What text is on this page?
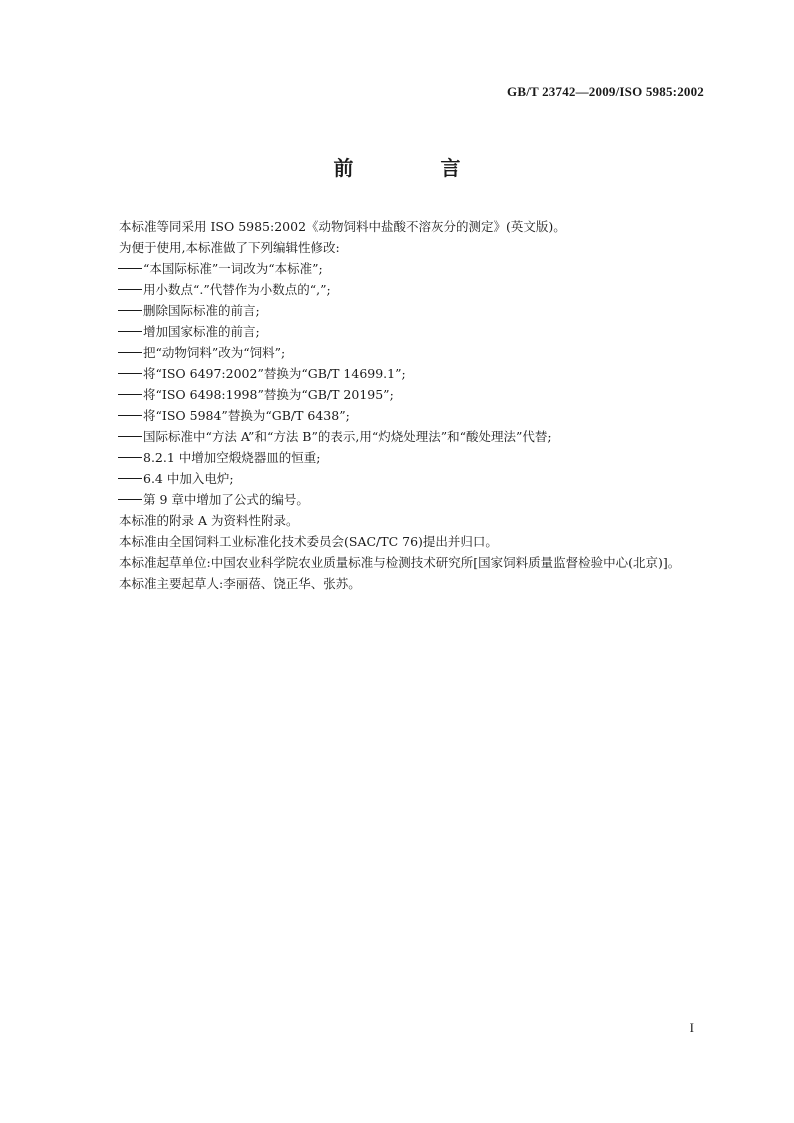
GB/T 23742—2009/ISO 5985:2002
前 言

本标准等同采用 ISO 5985:2002《动物饲料中盐酸不溶灰分的测定》(英文版)。

为便于使用,本标准做了下列编辑性修改:

“本国际标准”一词改为“本标准”;

用小数点“.”代替作为小数点的“,”;

删除国际标准的前言;

增加国家标准的前言;

把“动物饲料”改为“饲料”;

将“ISO 6497:2002”替换为“GB/T 14699.1”;

将“ISO 6498:1998”替换为“GB/T 20195”;

将“ISO 5984”替换为“GB/T 6438”;

国际标准中“方法 A”和“方法 B”的表示,用“灼烧处理法”和“酸处理法”代替;

8.2.1 中增加空煅烧器皿的恒重;

6.4 中加入电炉;

第 9 章中增加了公式的编号。

本标准的附录 A 为资料性附录。

本标准由全国饲料工业标准化技术委员会(SAC/TC 76)提出并归口。

本标准起草单位:中国农业科学院农业质量标准与检测技术研究所[国家饲料质量监督检验中心(北京)]。

本标准主要起草人:李丽蓓、饶正华、张苏。

I
